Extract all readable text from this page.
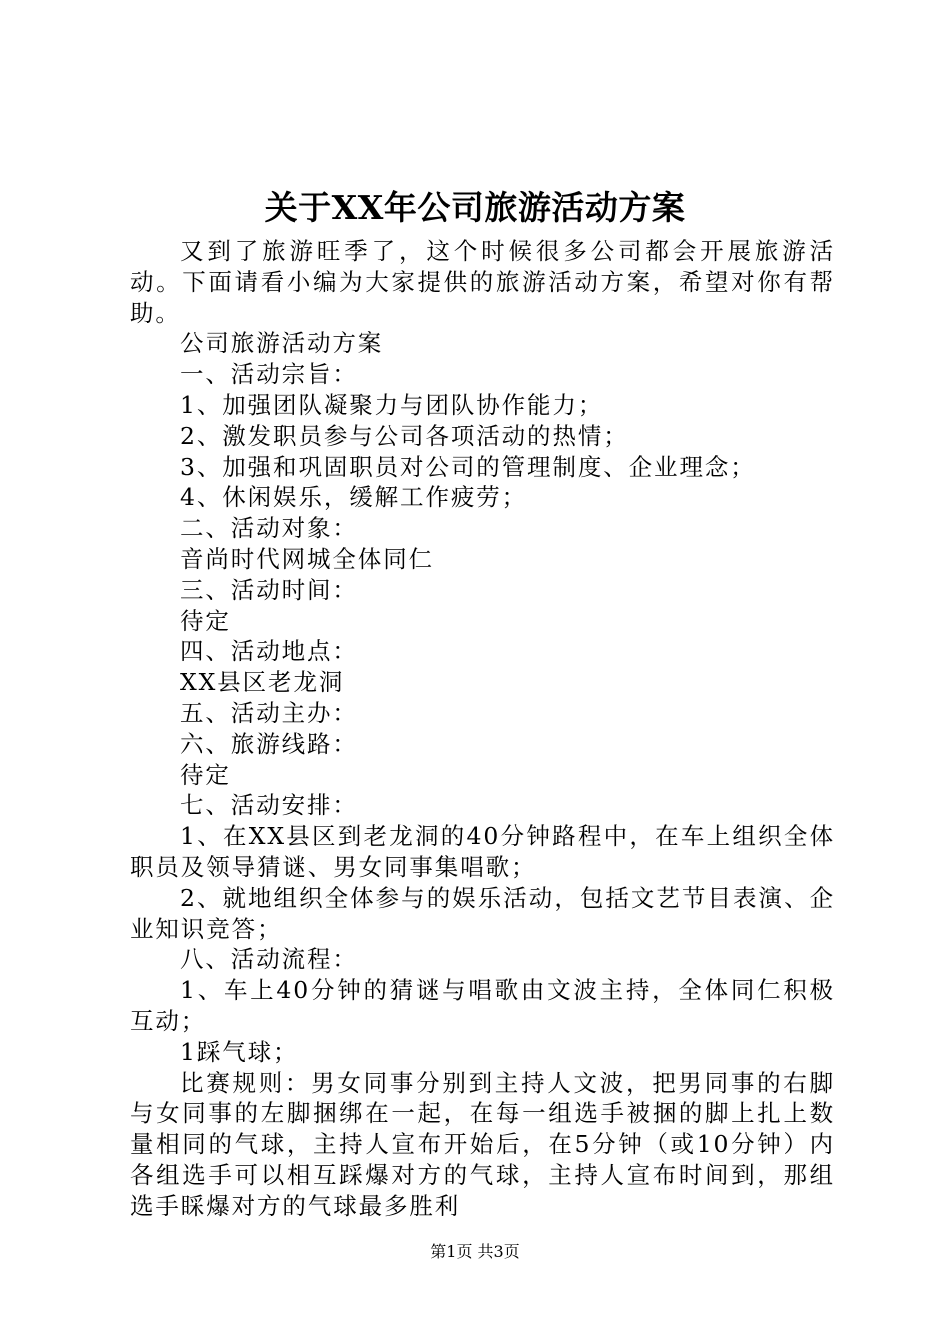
关于XX年公司旅游活动方案

又到了旅游旺季了，这个时候很多公司都会开展旅游活动。下面请看小编为大家提供的旅游活动方案，希望对你有帮助。

公司旅游活动方案

一、活动宗旨：

1、加强团队凝聚力与团队协作能力；

2、激发职员参与公司各项活动的热情；

3、加强和巩固职员对公司的管理制度、企业理念；

4、休闲娱乐，缓解工作疲劳；

二、活动对象：

音尚时代网城全体同仁

三、活动时间：

待定

四、活动地点：

XX县区老龙洞

五、活动主办：

六、旅游线路：

待定

七、活动安排：

1、在XX县区到老龙洞的40分钟路程中，在车上组织全体职员及领导猜谜、男女同事集唱歌；

2、就地组织全体参与的娱乐活动，包括文艺节目表演、企业知识竞答；

八、活动流程：

1、车上40分钟的猜谜与唱歌由文波主持，全体同仁积极互动；

1踩气球；

比赛规则：男女同事分别到主持人文波，把男同事的右脚与女同事的左脚捆绑在一起，在每一组选手被捆的脚上扎上数量相同的气球，主持人宣布开始后，在5分钟（或10分钟）内各组选手可以相互踩爆对方的气球，主持人宣布时间到，那组选手睬爆对方的气球最多胜利

第1页 共3页
